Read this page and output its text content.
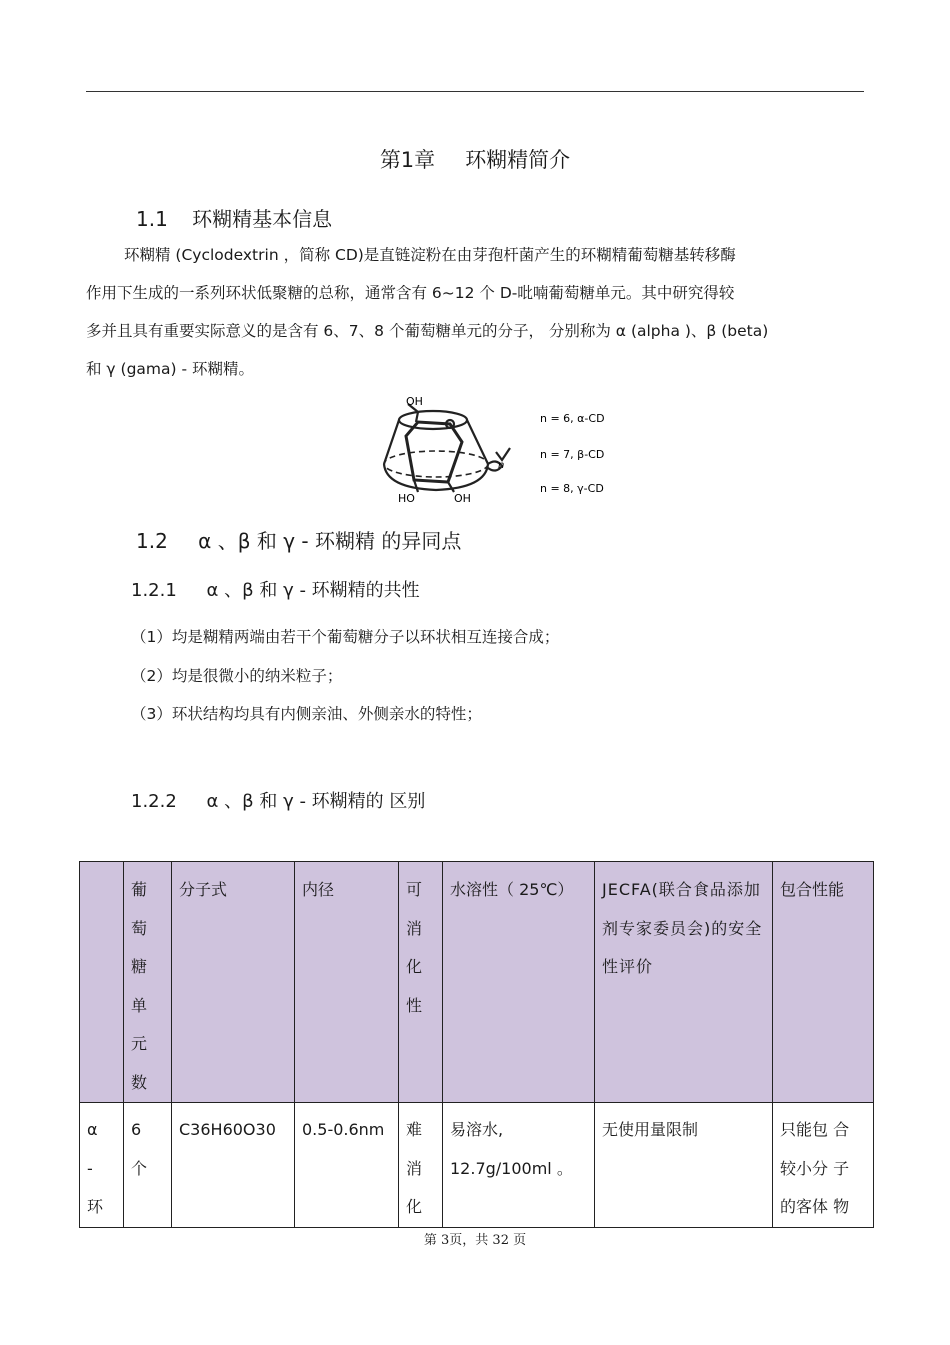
第1章 环糊精简介
1.1 环糊精基本信息
环糊精 (Cyclodextrin ，简称 CD)是直链淀粉在由芽孢杆菌产生的环糊精葡萄糖基转移酶
作用下生成的一系列环状低聚糖的总称，通常含有 6~12 个 D-吡喃葡萄糖单元。其中研究得较
多并且具有重要实际意义的是含有 6、7、8 个葡萄糖单元的分子， 分别称为 α (alpha )、β (beta)
和 γ (gama) - 环糊精。
OH
HO	OH
n
n = 6, α-CD
n = 7, β-CD
n = 8, γ-CD
1.2 α 、β 和 γ - 环糊精 的异同点
1.2.1 α 、β 和 γ - 环糊精的共性
（1）均是糊精两端由若干个葡萄糖分子以环状相互连接合成；
（2）均是很微小的纳米粒子；
（3）环状结构均具有内侧亲油、外侧亲水的特性；
1.2.2 α 、β 和 γ - 环糊精的 区别

	葡萄糖单元数	分子式	内径	可消化性	水溶性（ 25℃）	JECFA(联合食品添加剂专家委员会)的安全性评价	包合性能

α - 环	6 个	C36H60O30	0.5-0.6nm	难消化	易溶水,
12.7g/100ml 。	无使用量限制	只能包 合
较小分 子
的客体 物
第 3页，共 32 页
